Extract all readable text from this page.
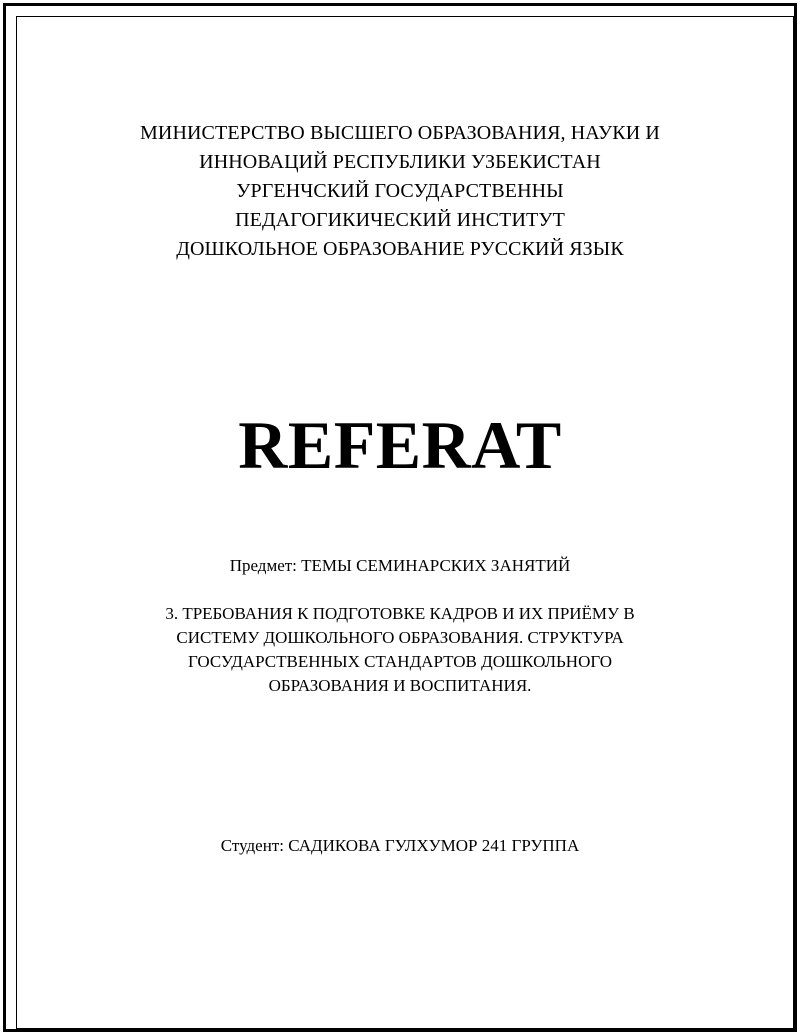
МИНИСТЕРСТВО ВЫСШЕГО ОБРАЗОВАНИЯ, НАУКИ И
ИННОВАЦИЙ РЕСПУБЛИКИ УЗБЕКИСТАН
УРГЕНЧСКИЙ ГОСУДАРСТВЕННЫ
ПЕДАГОГИКИЧЕСКИЙ ИНСТИТУТ
ДОШКОЛЬНОЕ ОБРАЗОВАНИЕ РУССКИЙ ЯЗЫК
REFERAT
Предмет: ТЕМЫ СЕМИНАРСКИХ ЗАНЯТИЙ
3. ТРЕБОВАНИЯ К ПОДГОТОВКЕ КАДРОВ И ИХ ПРИЁМУ В
СИСТЕМУ ДОШКОЛЬНОГО ОБРАЗОВАНИЯ. СТРУКТУРА
ГОСУДАРСТВЕННЫХ СТАНДАРТОВ ДОШКОЛЬНОГО
ОБРАЗОВАНИЯ И ВОСПИТАНИЯ.
Студент: САДИКОВА ГУЛХУМОР 241 ГРУППА
